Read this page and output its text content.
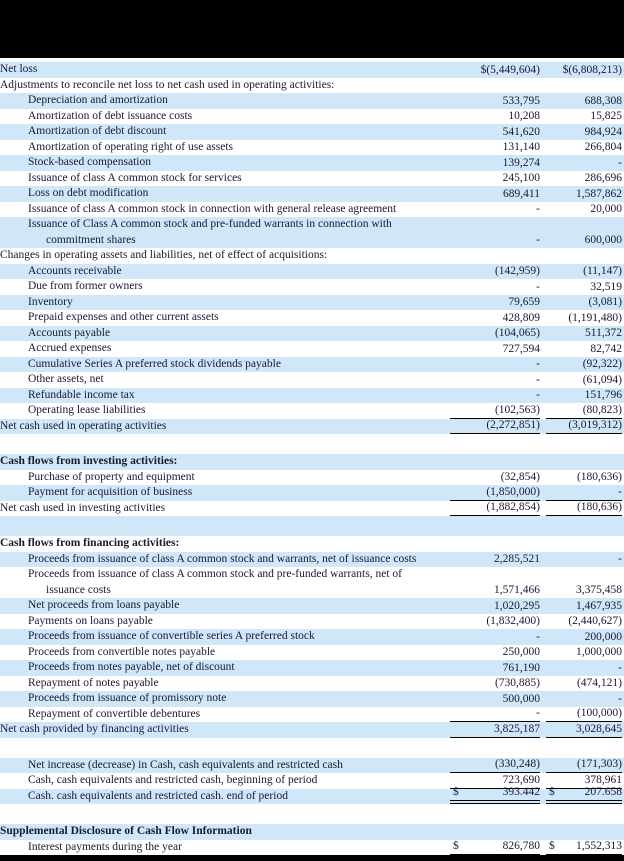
Net loss	$(5,449,604) $(6,808,213)
Adjustments to reconcile net loss to net cash used in operating activities:
Depreciation and amortization	533,795	688,308
Amortization of debt issuance costs	10,208	15,825
Amortization of debt discount	541,620	984,924
Amortization of operating right of use assets	131,140	266,804
Stock-based compensation	139,274	-
Issuance of class A common stock for services	245,100	286,696
Loss on debt modification	689,411	1,587,862
Issuance of class A common stock in connection with general release agreement	-	20,000
Issuance of Class A common stock and pre-funded warrants in connection with
commitment shares	-	600,000
Changes in operating assets and liabilities, net of effect of acquisitions:
Accounts receivable	(142,959)	(11,147)
Due from former owners	-	32,519
Inventory	79,659	(3,081)
Prepaid expenses and other current assets	428,809 (1,191,480)
Accounts payable	(104,065)	511,372
Accrued expenses	727,594	82,742
Cumulative Series A preferred stock dividends payable	-	(92,322)
Other assets, net	-	(61,094)
Refundable income tax	-	151,796
Operating lease liabilities	(102,563)	(80,823)
Net cash used in operating activities	(2,272,851) (3,019,312)
Cash flows from investing activities:
Purchase of property and equipment	(32,854)	(180,636)
Payment for acquisition of business	(1,850,000)	-
Net cash used in investing activities	(1,882,854)	(180,636)
Cash flows from financing activities:
Proceeds from issuance of class A common stock and warrants, net of issuance costs	2,285,521	-
Proceeds from issuance of class A common stock and pre-funded warrants, net of
issuance costs	1,571,466	3,375,458
Net proceeds from loans payable	1,020,295	1,467,935
Payments on loans payable	(1,832,400) (2,440,627)
Proceeds from issuance of convertible series A preferred stock	-	200,000
Proceeds from convertible notes payable	250,000	1,000,000
Proceeds from notes payable, net of discount	761,190	-
Repayment of notes payable	(730,885)	(474,121)
Proceeds from issuance of promissory note	500,000	-
Repayment of convertible debentures	-	(100,000)
Net cash provided by financing activities	3,825,187	3,028,645
Net increase (decrease) in Cash, cash equivalents and restricted cash	(330,248)	(171,303)
Cash, cash equivalents and restricted cash, beginning of period	723,690	378,961
Cash. cash equivalents and restricted cash. end of period	$	393.442 $	207.658
Supplemental Disclosure of Cash Flow Information
Interest payments during the year	$	826,780 $ 1,552,313
